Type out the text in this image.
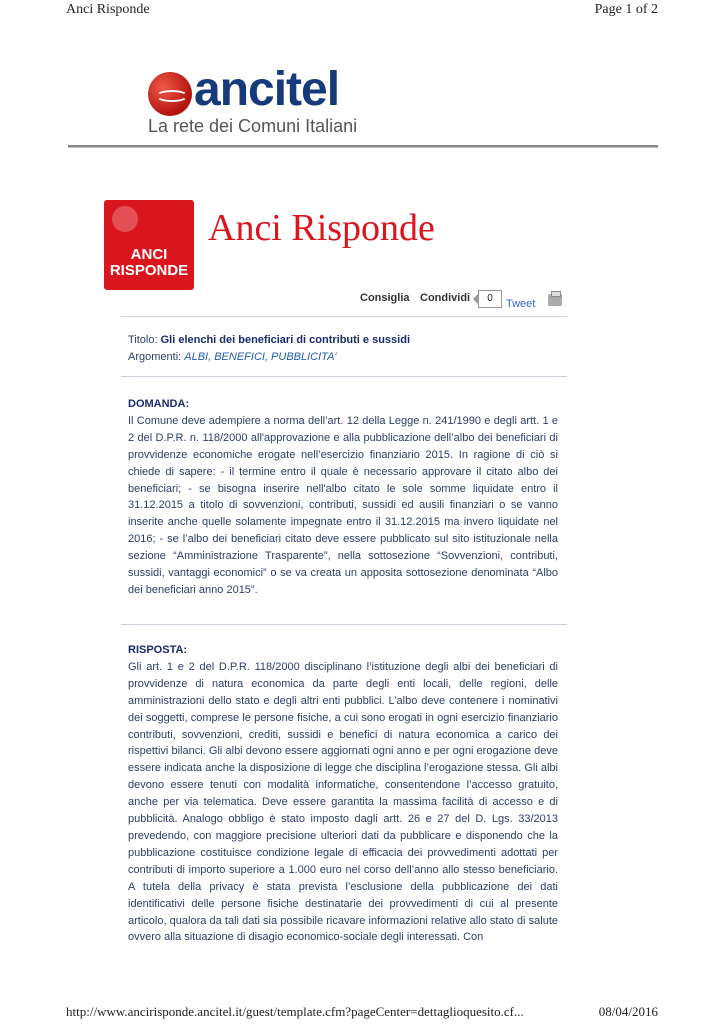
Anci Risponde	Page 1 of 2
ancitel
La rete dei Comuni Italiani
ANCI
RISPONDE
Anci Risponde
Consiglia Condividi	0	Tweet
Titolo: Gli elenchi dei beneficiari di contributi e sussidi
Argomenti: ALBI, BENEFICI, PUBBLICITA'
DOMANDA:

Il Comune deve adempiere a norma dell’art. 12 della Legge n. 241/1990 e degli artt. 1 e 2 del D.P.R. n. 118/2000 all'approvazione e alla pubblicazione dell’albo dei beneficiari di provvidenze economiche erogate nell’esercizio finanziario 2015. In ragione di ciò si chiede di sapere: - il termine entro il quale è necessario approvare il citato albo dei beneficiari; - se bisogna inserire nell'albo citato le sole somme liquidate entro il 31.12.2015 a titolo di sovvenzioni, contributi, sussidi ed ausili finanziari o se vanno inserite anche quelle solamente impegnate entro il 31.12.2015 ma invero liquidate nel 2016; - se l’albo dei beneficiari citato deve essere pubblicato sul sito istituzionale nella sezione “Amministrazione Trasparente”, nella sottosezione “Sovvenzioni, contributi, sussidi, vantaggi economici” o se va creata un apposita sottosezione denominata “Albo dei beneficiari anno 2015”.

RISPOSTA:

Gli art. 1 e 2 del D.P.R. 118/2000 disciplinano l’istituzione degli albi dei beneficiari di provvidenze di natura economica da parte degli enti locali, delle regioni, delle amministrazioni dello stato e degli altri enti pubblici. L’albo deve contenere i nominativi dei soggetti, comprese le persone fisiche, a cui sono erogati in ogni esercizio finanziario contributi, sovvenzioni, crediti, sussidi e benefici di natura economica a carico dei rispettivi bilanci. Gli albi devono essere aggiornati ogni anno e per ogni erogazione deve essere indicata anche la disposizione di legge che disciplina l’erogazione stessa. Gli albi devono essere tenuti con modalità informatiche, consentendone l’accesso gratuito, anche per via telematica. Deve essere garantita la massima facilità di accesso e di pubblicità. Analogo obbligo è stato imposto dagli artt. 26 e 27 del D. Lgs. 33/2013 prevedendo, con maggiore precisione ulteriori dati da pubblicare e disponendo che la pubblicazione costituisce condizione legale di efficacia dei provvedimenti adottati per contributi di importo superiore a 1.000 euro nel corso dell’anno allo stesso beneficiario. A tutela della privacy è stata prevista l’esclusione della pubblicazione dei dati identificativi delle persone fisiche destinatarie dei provvedimenti di cui al presente articolo, qualora da tali dati sia possibile ricavare informazioni relative allo stato di salute ovvero alla situazione di disagio economico-sociale degli interessati. Con

http://www.ancirisponde.ancitel.it/guest/template.cfm?pageCenter=dettaglioquesito.cf...	08/04/2016
